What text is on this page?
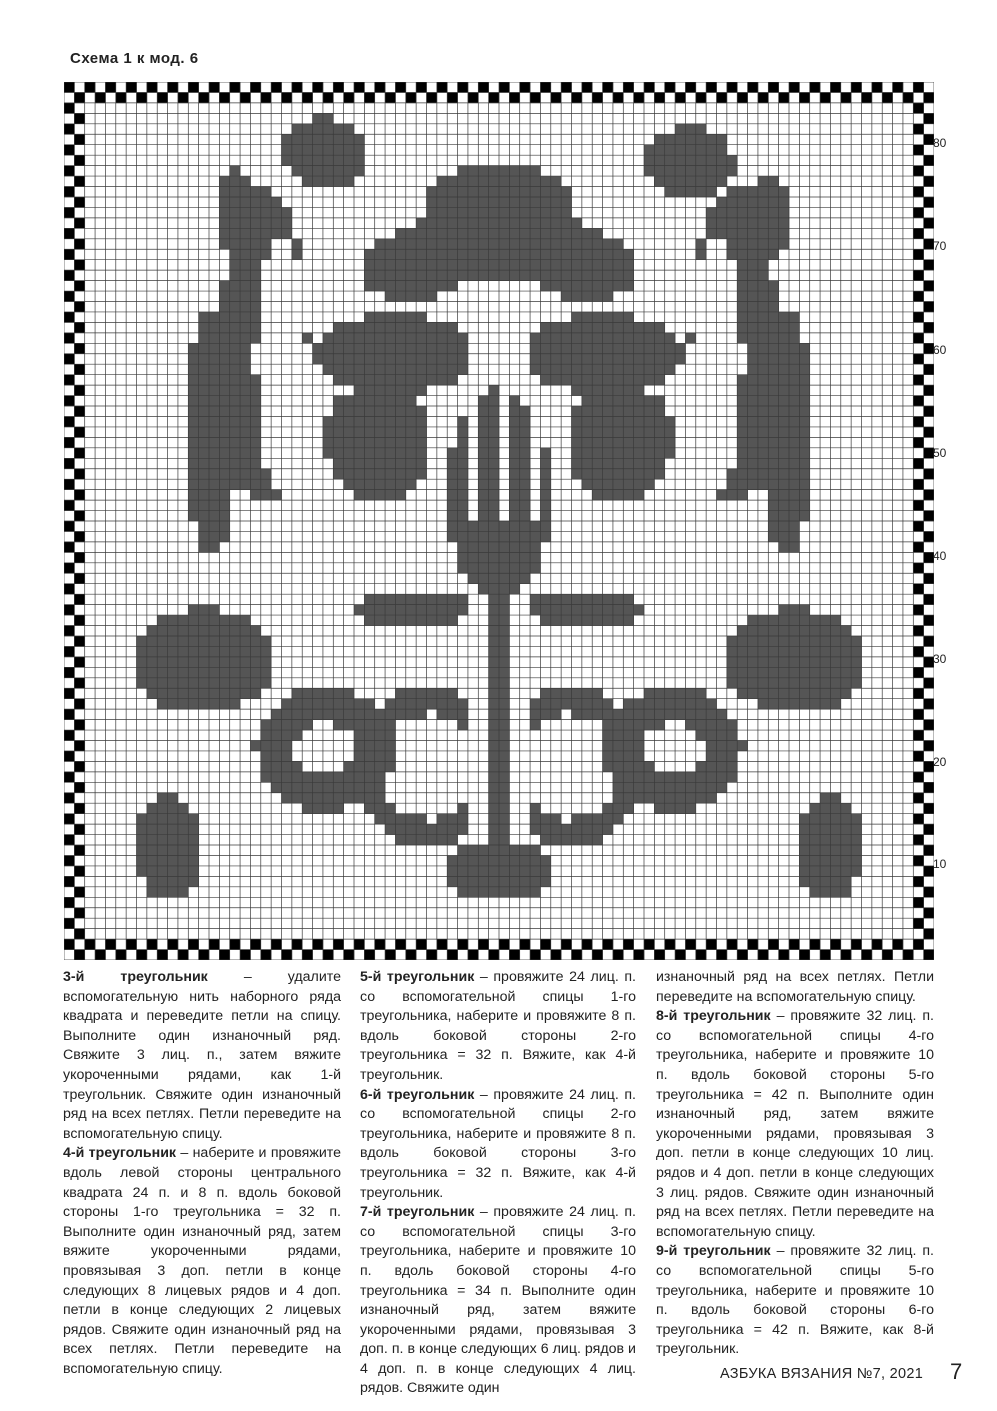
Схема 1 к мод. 6
80
70
60
50
40
30
20
10

3-й треугольник – удалите вспомогательную нить наборного ряда квадрата и переведите петли на спицу. Выполните один изнаночный ряд. Свяжите 3 лиц. п., затем вяжите укороченными рядами, как 1-й треугольник. Свяжите один изнаночный ряд на всех петлях. Петли переведите на вспомогательную спицу.

4-й треугольник – наберите и провяжите вдоль левой стороны центрального квадрата 24 п. и 8 п. вдоль боковой стороны 1-го треугольника = 32 п. Выполните один изнаночный ряд, затем вяжите укороченными рядами, провязывая 3 доп. петли в конце следующих 8 лицевых рядов и 4 доп. петли в конце следующих 2 лицевых рядов. Свяжите один изнаночный ряд на всех петлях. Петли переведите на вспомогательную спицу.

5-й треугольник – провяжите 24 лиц. п. со вспомогательной спицы 1-го треугольника, наберите и провяжите 8 п. вдоль боковой стороны 2-го треугольника = 32 п. Вяжите, как 4-й треугольник.

6-й треугольник – провяжите 24 лиц. п. со вспомогательной спицы 2-го треугольника, наберите и провяжите 8 п. вдоль боковой стороны 3-го треугольника = 32 п. Вяжите, как 4-й треугольник.

7-й треугольник – провяжите 24 лиц. п. со вспомогательной спицы 3-го треугольника, наберите и провяжите 10 п. вдоль боковой стороны 4-го треугольника = 34 п. Выполните один изнаночный ряд, затем вяжите укороченными рядами, провязывая 3 доп. п. в конце следующих 6 лиц. рядов и 4 доп. п. в конце следующих 4 лиц. рядов. Свяжите один

изнаночный ряд на всех петлях. Петли переведите на вспомогательную спицу.

8-й треугольник – провяжите 32 лиц. п. со вспомогательной спицы 4-го треугольника, наберите и провяжите 10 п. вдоль боковой стороны 5-го треугольника = 42 п. Выполните один изнаночный ряд, затем вяжите укороченными рядами, провязывая 3 доп. петли в конце следующих 10 лиц. рядов и 4 доп. петли в конце следующих 3 лиц. рядов. Свяжите один изнаночный ряд на всех петлях. Петли переведите на вспомогательную спицу.

9-й треугольник – провяжите 32 лиц. п. со вспомогательной спицы 5-го треугольника, наберите и провяжите 10 п. вдоль боковой стороны 6-го треугольника = 42 п. Вяжите, как 8-й треугольник.

АЗБУКА ВЯЗАНИЯ №7, 2021 7
